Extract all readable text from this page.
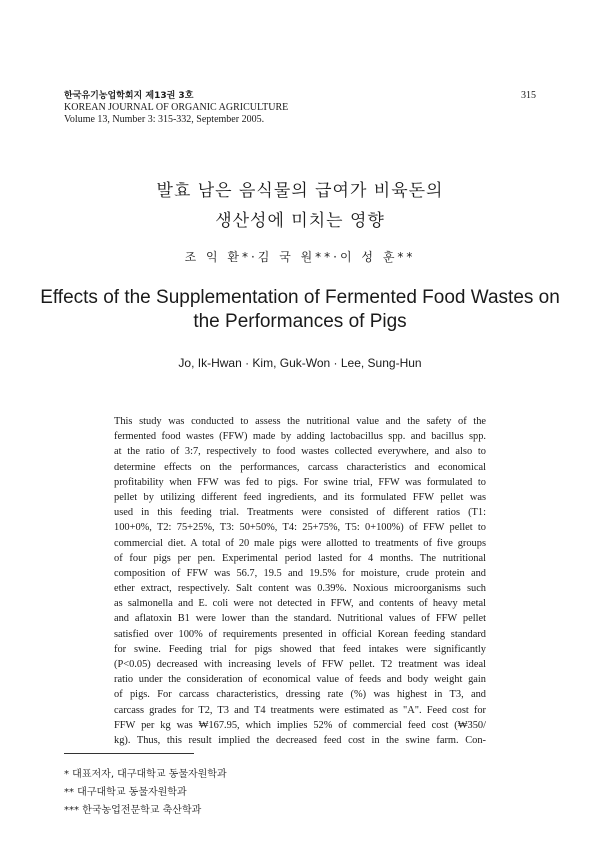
한국유기농업학회지 제13권 3호
KOREAN JOURNAL OF ORGANIC AGRICULTURE
Volume 13, Number 3: 315-332, September 2005.
315
발효 남은 음식물의 급여가 비육돈의
생산성에 미치는 영향
조 익 환*·김 국 원**·이 성 훈**
Effects of the Supplementation of Fermented Food Wastes on
the Performances of Pigs
Jo, Ik-Hwan · Kim, Guk-Won · Lee, Sung-Hun
This study was conducted to assess the nutritional value and the safety of the
fermented food wastes (FFW) made by adding lactobacillus spp. and bacillus spp.
at the ratio of 3:7, respectively to food wastes collected everywhere, and also to
determine effects on the performances, carcass characteristics and economical
profitability when FFW was fed to pigs. For swine trial, FFW was formulated to
pellet by utilizing different feed ingredients, and its formulated FFW pellet was
used in this feeding trial. Treatments were consisted of different ratios (T1:
100+0%, T2: 75+25%, T3: 50+50%, T4: 25+75%, T5: 0+100%) of FFW pellet to
commercial diet. A total of 20 male pigs were allotted to treatments of five groups
of four pigs per pen. Experimental period lasted for 4 months. The nutritional
composition of FFW was 56.7, 19.5 and 19.5% for moisture, crude protein and
ether extract, respectively. Salt content was 0.39%. Noxious microorganisms such
as salmonella and E. coli were not detected in FFW, and contents of heavy metal
and aflatoxin B1 were lower than the standard. Nutritional values of FFW pellet
satisfied over 100% of requirements presented in official Korean feeding standard
for swine. Feeding trial for pigs showed that feed intakes were significantly
(P<0.05) decreased with increasing levels of FFW pellet. T2 treatment was ideal
ratio under the consideration of economical value of feeds and body weight gain
of pigs. For carcass characteristics, dressing rate (%) was highest in T3, and
carcass grades for T2, T3 and T4 treatments were estimated as "A". Feed cost for
FFW per kg was ₩167.95, which implies 52% of commercial feed cost (₩350/
kg). Thus, this result implied the decreased feed cost in the swine farm. Con-
* 대표저자, 대구대학교 동물자원학과
** 대구대학교 동물자원학과
*** 한국농업전문학교 축산학과
